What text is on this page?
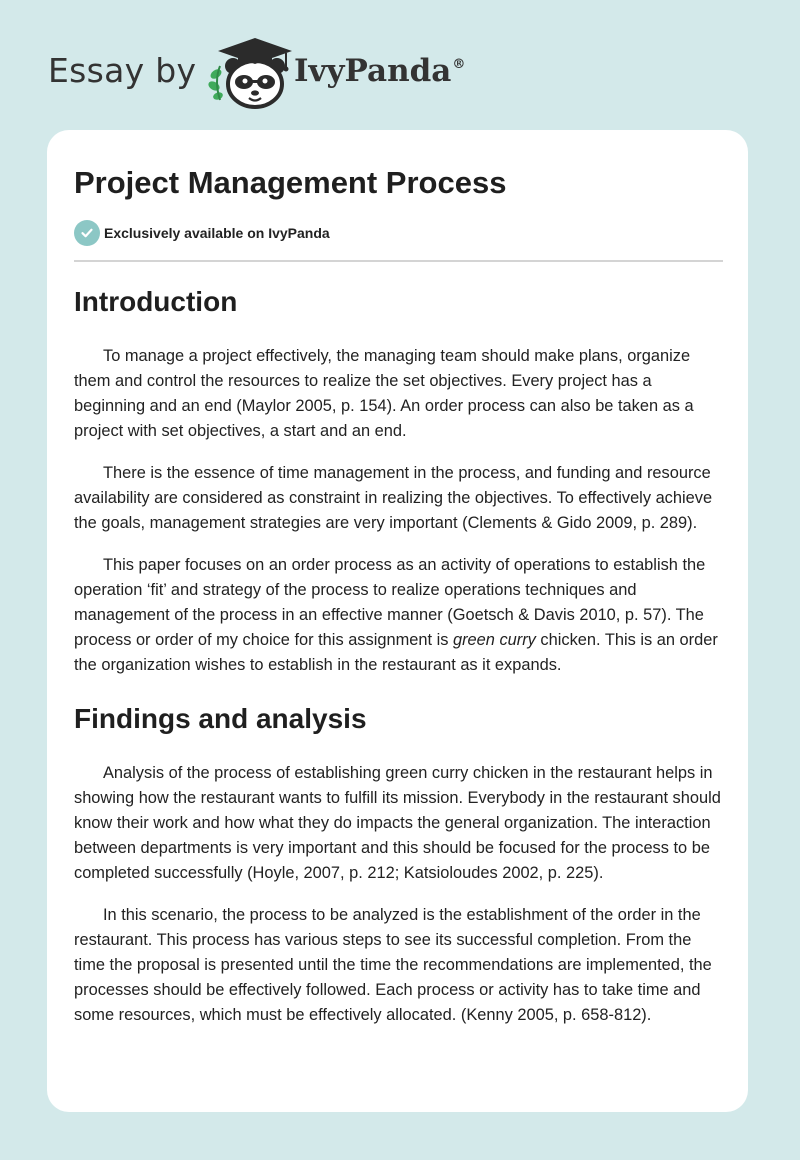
Essay by	IvyPanda®
Project Management Process
Exclusively available on IvyPanda
Introduction

To manage a project effectively, the managing team should make plans, organize them and control the resources to realize the set objectives. Every project has a beginning and an end (Maylor 2005, p. 154). An order process can also be taken as a project with set objectives, a start and an end.

There is the essence of time management in the process, and funding and resource availability are considered as constraint in realizing the objectives. To effectively achieve the goals, management strategies are very important (Clements & Gido 2009, p. 289).

This paper focuses on an order process as an activity of operations to establish the operation ‘fit’ and strategy of the process to realize operations techniques and management of the process in an effective manner (Goetsch & Davis 2010, p. 57). The process or order of my choice for this assignment is green curry chicken. This is an order the organization wishes to establish in the restaurant as it expands.

Findings and analysis

Analysis of the process of establishing green curry chicken in the restaurant helps in showing how the restaurant wants to fulfill its mission. Everybody in the restaurant should know their work and how what they do impacts the general organization. The interaction between departments is very important and this should be focused for the process to be completed successfully (Hoyle, 2007, p. 212; Katsioloudes 2002, p. 225).

In this scenario, the process to be analyzed is the establishment of the order in the restaurant. This process has various steps to see its successful completion. From the time the proposal is presented until the time the recommendations are implemented, the processes should be effectively followed. Each process or activity has to take time and some resources, which must be effectively allocated. (Kenny 2005, p. 658-812).
